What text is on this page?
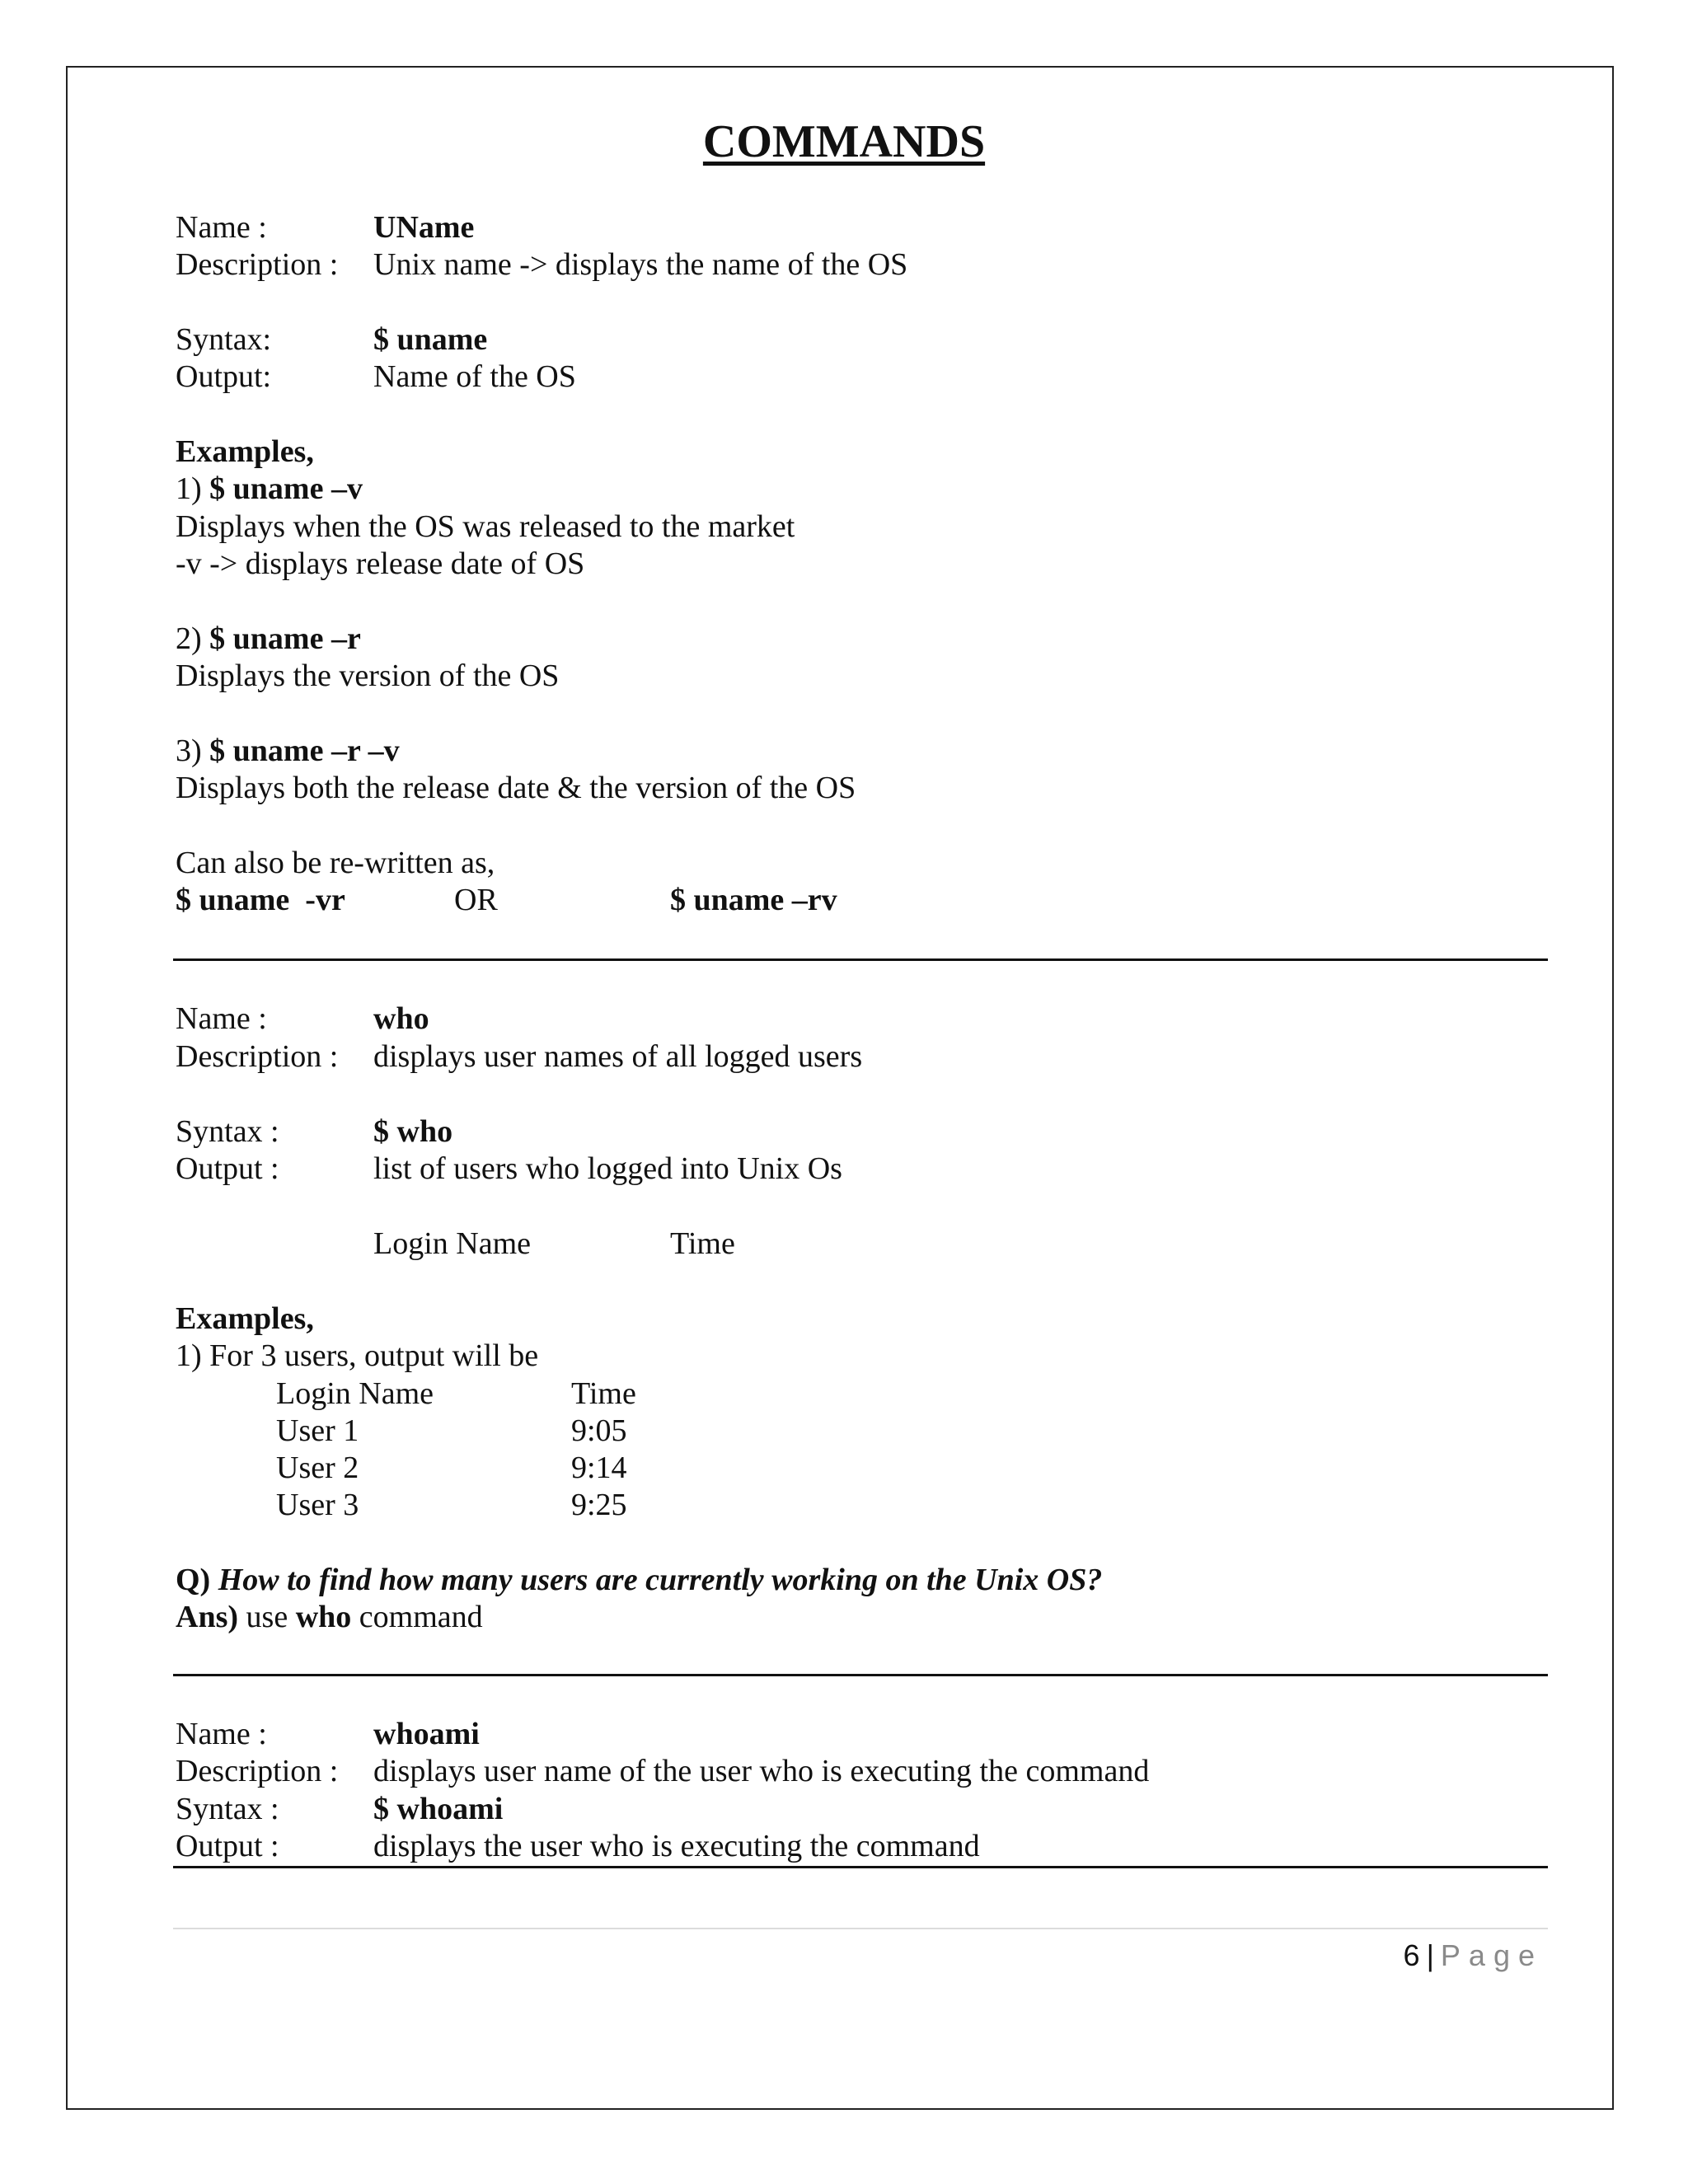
COMMANDS
Name :	UName
Description : Unix name -> displays the name of the OS
Syntax:	$ uname
Output:	Name of the OS
Examples,
1) $ uname –v
Displays when the OS was released to the market
-v -> displays release date of OS
2) $ uname –r
Displays the version of the OS
3) $ uname –r –v
Displays both the release date & the version of the OS
Can also be re-written as,
$ uname  -vr	OR	$ uname –rv
Name :	who
Description : displays user names of all logged users
Syntax :	$ who
Output :	list of users who logged into Unix Os
Login Name	Time
Examples,
1) For 3 users, output will be
Login Name	Time
User 1	9:05
User 2	9:14
User 3	9:25
Q) How to find how many users are currently working on the Unix OS?
Ans) use who command
Name :	whoami
Description : displays user name of the user who is executing the command
Syntax :	$ whoami
Output :	displays the user who is executing the command
6 | Page
